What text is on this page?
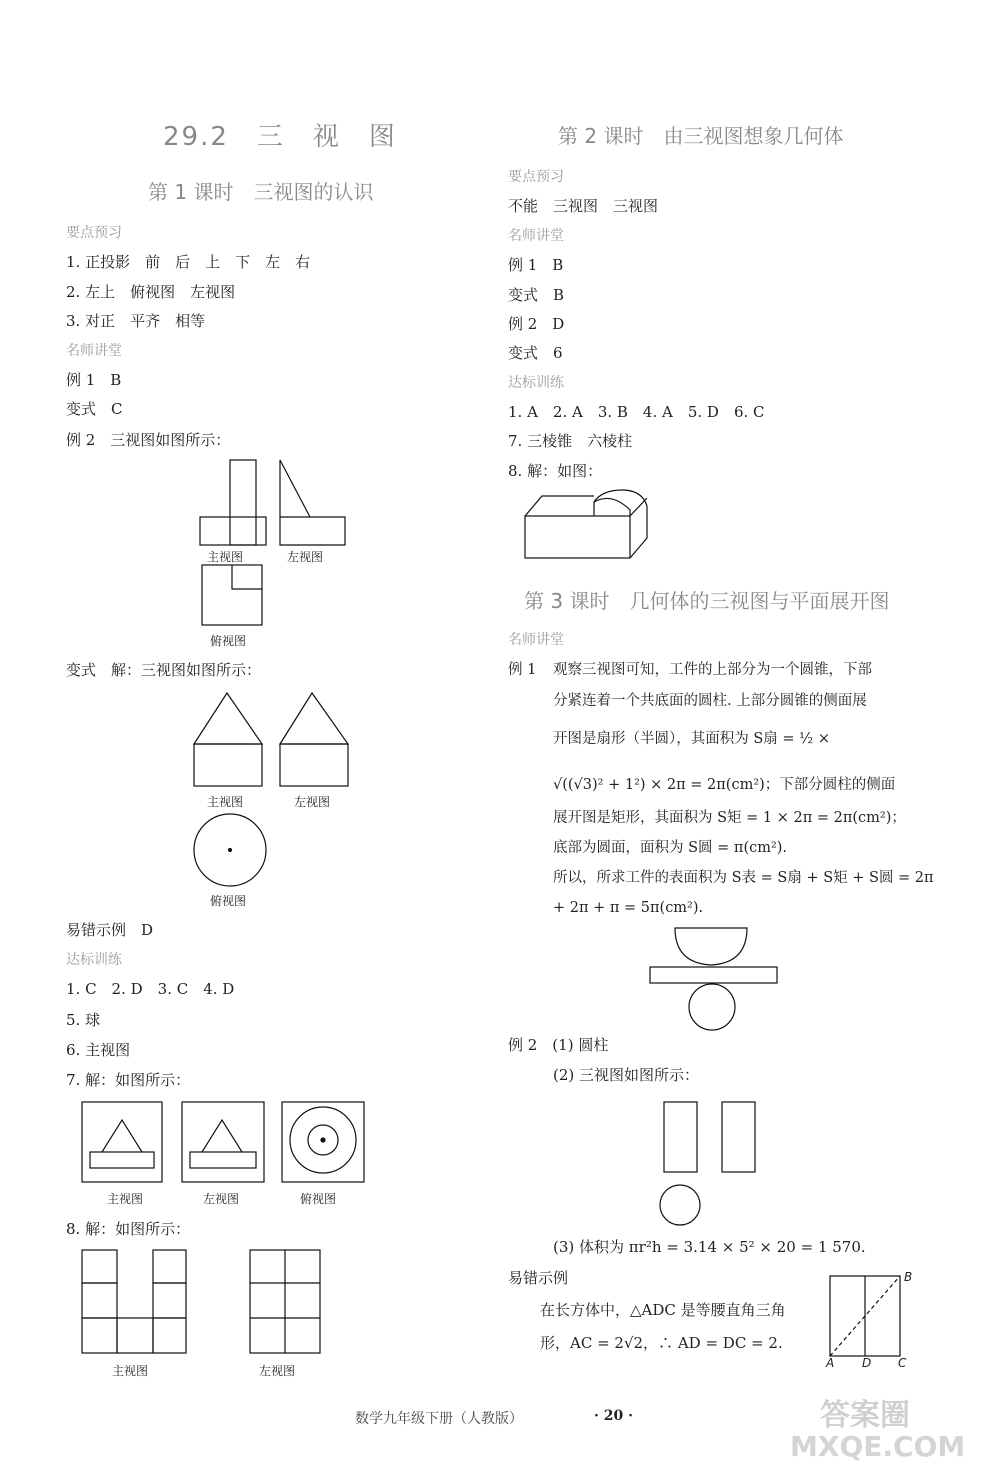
29.2　三　视　图
第 1 课时　三视图的认识
要点预习
1. 正投影　前　后　上　下　左　右
2. 左上　俯视图　左视图
3. 对正　平齐　相等
名师讲堂
例 1　B
变式　C
例 2　三视图如图所示：
主视图	左视图
俯视图
变式　解：三视图如图所示：
主视图	左视图
俯视图
易错示例　D
达标训练
1. C　2. D　3. C　4. D
5. 球
6. 主视图
7. 解：如图所示：
主视图	左视图	俯视图
8. 解：如图所示：
主视图	左视图
第 2 课时　由三视图想象几何体
要点预习
不能　三视图　三视图
名师讲堂
例 1　B
变式　B
例 2　D
变式　6
达标训练
1. A　2. A　3. B　4. A　5. D　6. C
7. 三棱锥　六棱柱
8. 解：如图：
第 3 课时　几何体的三视图与平面展开图
名师讲堂
例 1 观察三视图可知，工件的上部分为一个圆锥，下部
分紧连着一个共底面的圆柱. 上部分圆锥的侧面展
开图是扇形（半圆），其面积为 S扇 = ½ ×
√((√3)² + 1²) × 2π = 2π(cm²)；下部分圆柱的侧面
展开图是矩形，其面积为 S矩 = 1 × 2π = 2π(cm²)；
底部为圆面，面积为 S圆 = π(cm²).
所以，所求工件的表面积为 S表 = S扇 + S矩 + S圆 = 2π
+ 2π + π = 5π(cm²).
例 2　(1) 圆柱
(2) 三视图如图所示：
(3) 体积为 πr²h = 3.14 × 5² × 20 = 1 570.
易错示例
在长方体中，△ADC 是等腰直角三角
形，AC = 2√2，∴ AD = DC = 2.
B
A D C
数学九年级下册（人教版）	· 20 ·	答案圈
MXQE.COM
